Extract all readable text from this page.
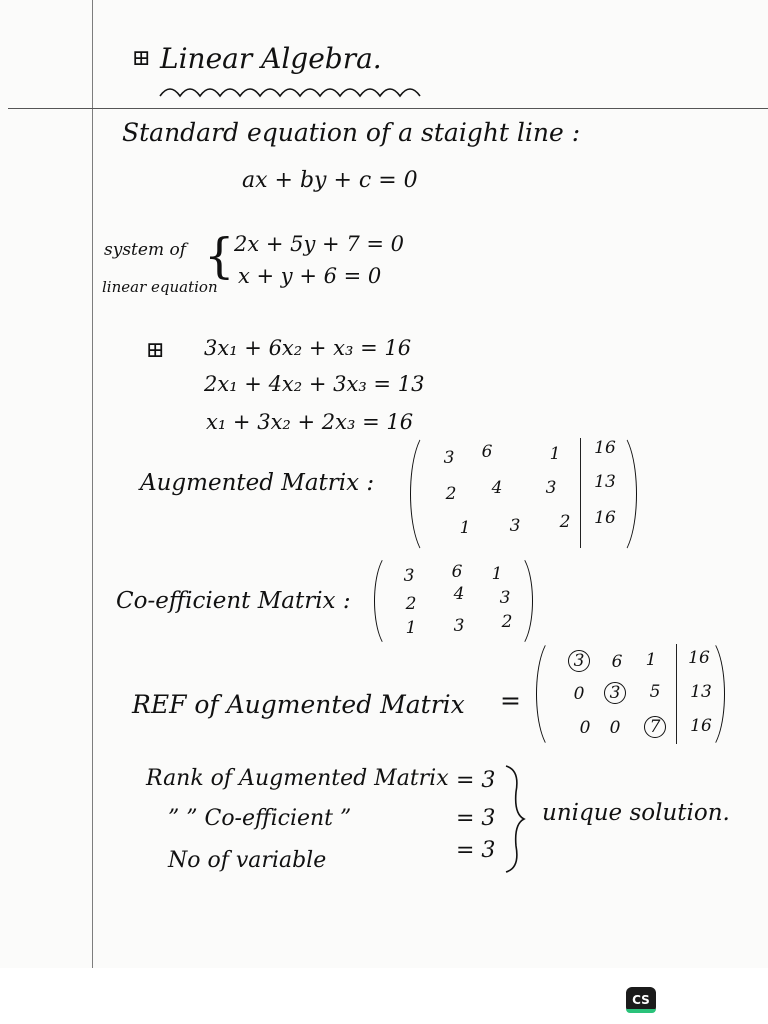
⊞ Linear Algebra.
Standard equation of a staight line :
ax + by + c = 0
system of
linear equation
{ 2x + 5y + 7 = 0
x + y + 6 = 0
⊞ 3x₁ + 6x₂ + x₃ = 16
2x₁ + 4x₂ + 3x₃ = 13
x₁ + 3x₂ + 2x₃ = 16
Augmented Matrix :
3	6	1	16
2	4	3	13
1	3	2	16
Co-efficient Matrix :
3	6	1
2	4	3
1	3	2
REF of Augmented Matrix =
3	6	1	16
0	3	5	13
0	0	7	16
Rank of Augmented Matrix = 3
” ” Co-efficient ”	= 3
No of variable	= 3
unique solution.
CS
